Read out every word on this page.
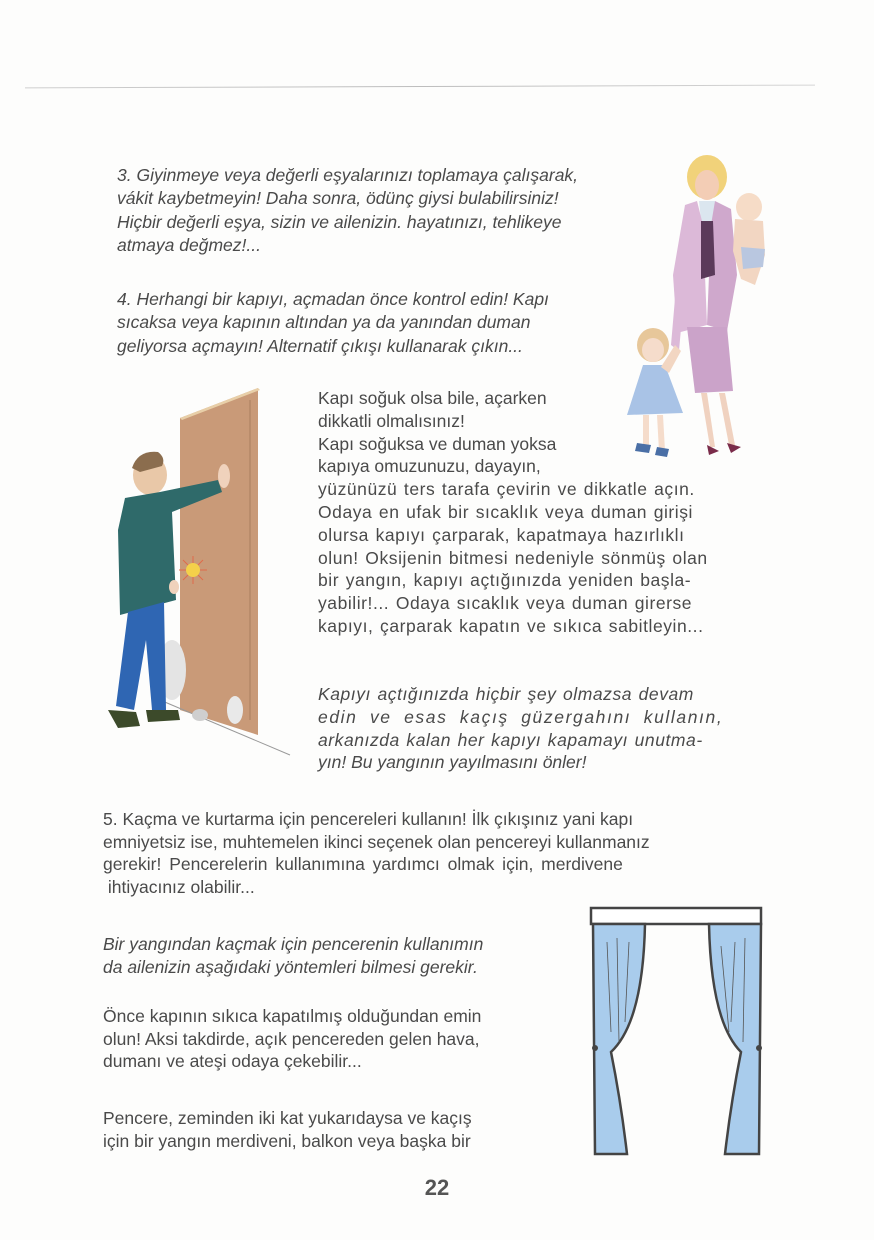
3. Giyinmeye veya değerli eşyalarınızı toplamaya çalışarak,
vákit kaybetmeyin! Daha sonra, ödünç giysi bulabilirsiniz!
Hiçbir değerli eşya, sizin ve ailenizin. hayatınızı, tehlikeye
atmaya değmez!...
4. Herhangi bir kapıyı, açmadan önce kontrol edin! Kapı
sıcaksa veya kapının altından ya da yanından duman
geliyorsa açmayın! Alternatif çıkışı kullanarak çıkın...
Kapı soğuk olsa bile, açarken
dikkatli olmalısınız!
Kapı soğuksa ve duman yoksa
kapıya omuzunuzu, dayayın,
yüzünüzü ters tarafa çevirin ve dikkatle açın.
Odaya en ufak bir sıcaklık veya duman girişi
olursa kapıyı çarparak, kapatmaya hazırlıklı
olun! Oksijenin bitmesi nedeniyle sönmüş olan
bir yangın, kapıyı açtığınızda yeniden başla-
yabilir!... Odaya sıcaklık veya duman girerse
kapıyı, çarparak kapatın ve sıkıca sabitleyin...
Kapıyı açtığınızda hiçbir şey olmazsa devam
edin ve esas kaçış güzergahını kullanın,
arkanızda kalan her kapıyı kapamayı unutma-
yın! Bu yangının yayılmasını önler!
5. Kaçma ve kurtarma için pencereleri kullanın! İlk çıkışınız yani kapı
emniyetsiz ise, muhtemelen ikinci seçenek olan pencereyi kullanmanız
gerekir! Pencerelerin kullanımına yardımcı olmak için, merdivene
ihtiyacınız olabilir...
Bir yangından kaçmak için pencerenin kullanımın
da ailenizin aşağıdaki yöntemleri bilmesi gerekir.
Önce kapının sıkıca kapatılmış olduğundan emin
olun! Aksi takdirde, açık pencereden gelen hava,
dumanı ve ateşi odaya çekebilir...
Pencere, zeminden iki kat yukarıdaysa ve kaçış
için bir yangın merdiveni, balkon veya başka bir
22
